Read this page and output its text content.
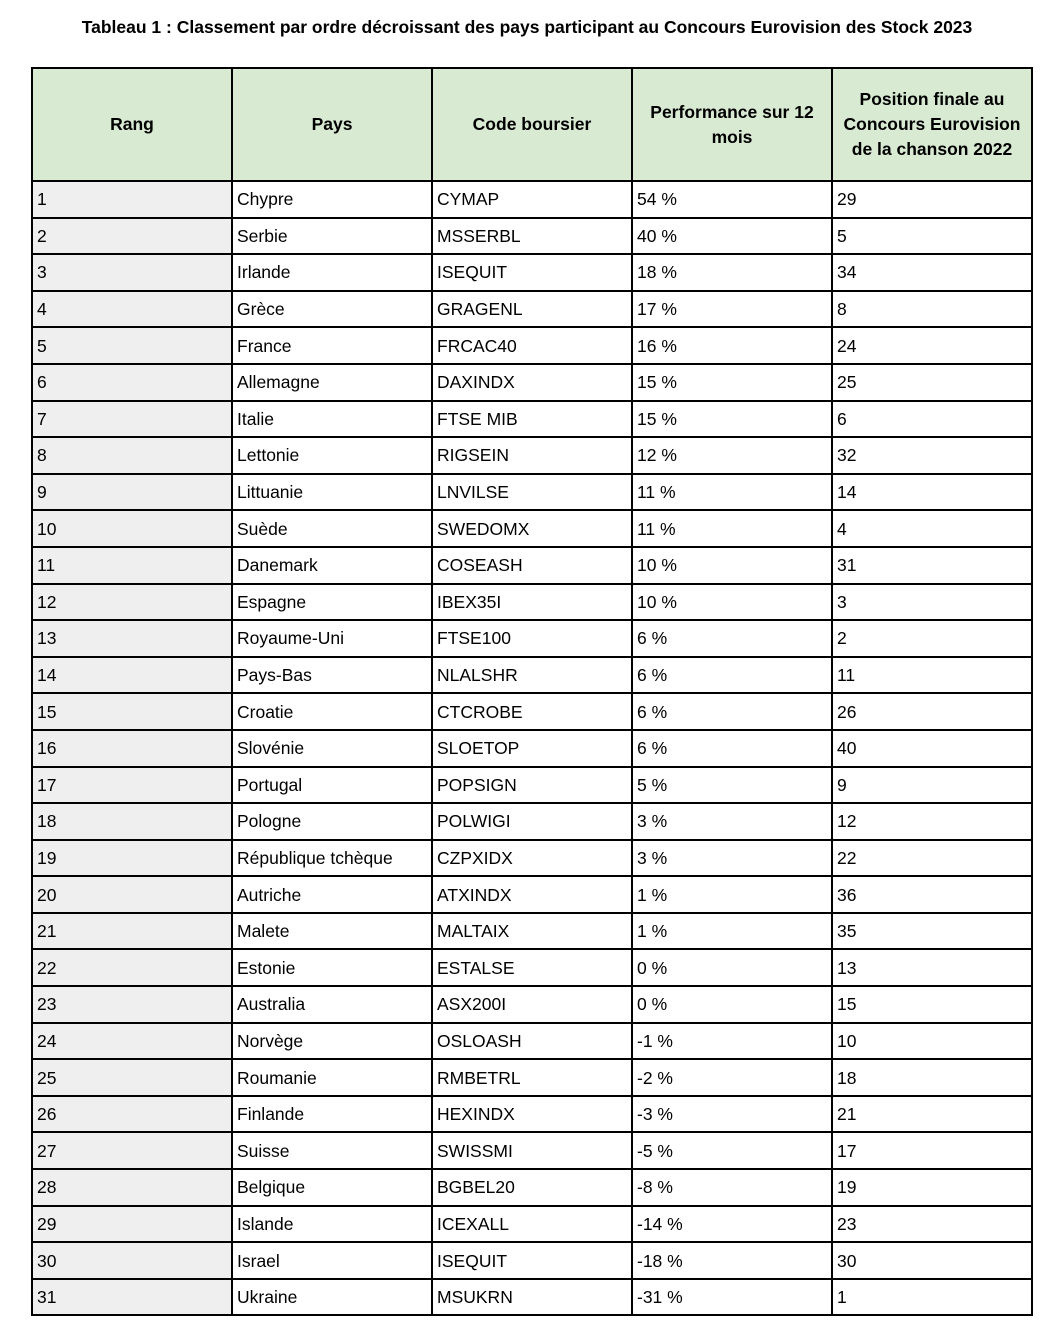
Tableau 1 : Classement par ordre décroissant des pays participant au Concours Eurovision des Stock 2023
Rang	Pays	Code boursier	Performance sur 12 mois	Position finale au Concours Eurovision de la chanson 2022
1	Chypre	CYMAP	54 %	29
2	Serbie	MSSERBL	40 %	5
3	Irlande	ISEQUIT	18 %	34
4	Grèce	GRAGENL	17 %	8
5	France	FRCAC40	16 %	24
6	Allemagne	DAXINDX	15 %	25
7	Italie	FTSE MIB	15 %	6
8	Lettonie	RIGSEIN	12 %	32
9	Littuanie	LNVILSE	11 %	14
10	Suède	SWEDOMX	11 %	4
11	Danemark	COSEASH	10 %	31
12	Espagne	IBEX35I	10 %	3
13	Royaume-Uni	FTSE100	6 %	2
14	Pays-Bas	NLALSHR	6 %	11
15	Croatie	CTCROBE	6 %	26
16	Slovénie	SLOETOP	6 %	40
17	Portugal	POPSIGN	5 %	9
18	Pologne	POLWIGI	3 %	12
19	République tchèque	CZPXIDX	3 %	22
20	Autriche	ATXINDX	1 %	36
21	Malete	MALTAIX	1 %	35
22	Estonie	ESTALSE	0 %	13
23	Australia	ASX200I	0 %	15
24	Norvège	OSLOASH	-1 %	10
25	Roumanie	RMBETRL	-2 %	18
26	Finlande	HEXINDX	-3 %	21
27	Suisse	SWISSMI	-5 %	17
28	Belgique	BGBEL20	-8 %	19
29	Islande	ICEXALL	-14 %	23
30	Israel	ISEQUIT	-18 %	30
31	Ukraine	MSUKRN	-31 %	1
